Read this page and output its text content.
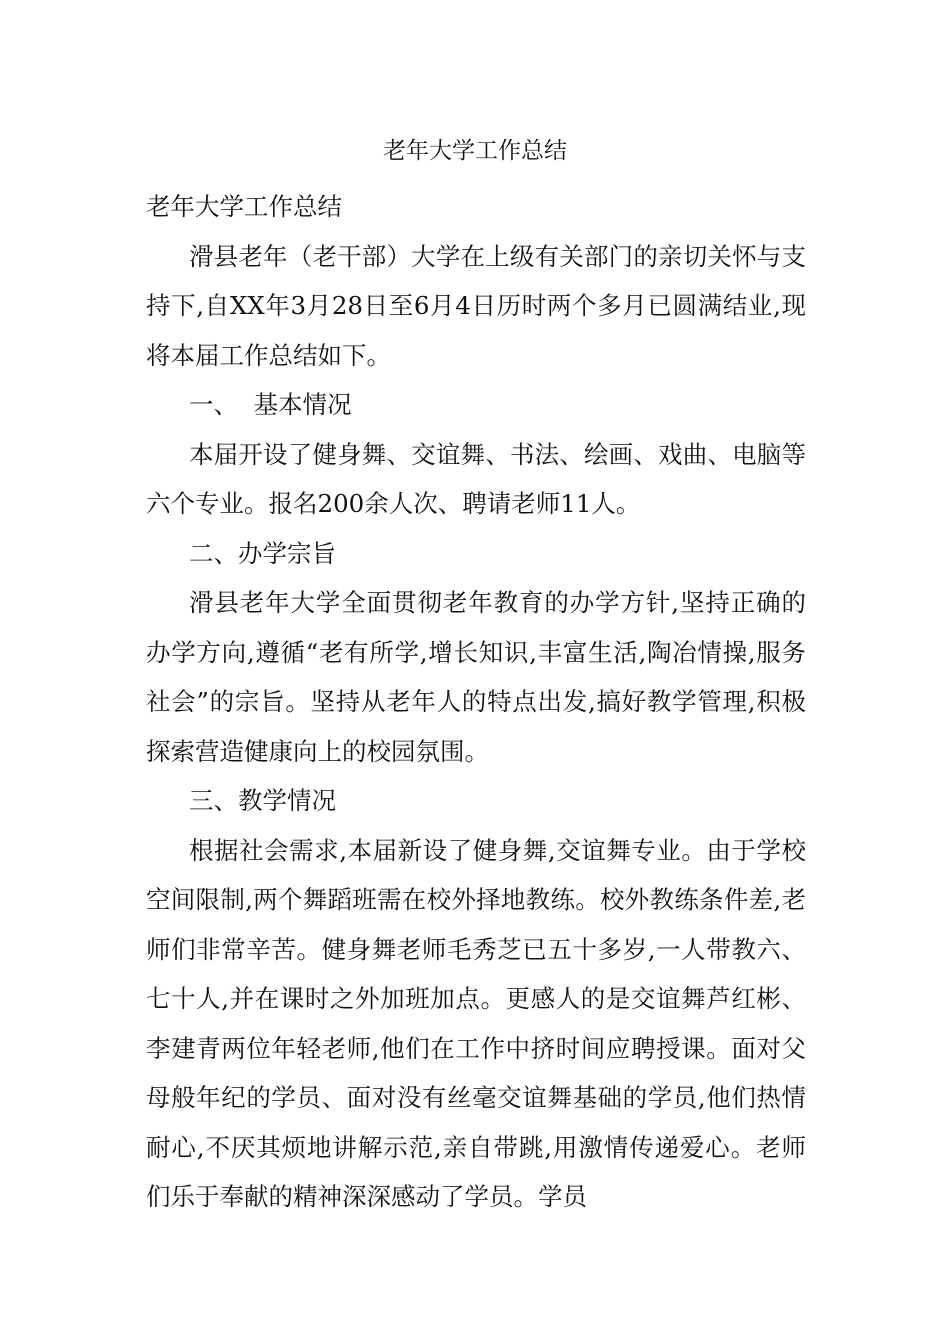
老年大学工作总结

老年大学工作总结

滑县老年（老干部）大学在上级有关部门的亲切关怀与支持下,自XX年3月28日至6月4日历时两个多月已圆满结业,现将本届工作总结如下。

一、  基本情况

本届开设了健身舞、交谊舞、书法、绘画、戏曲、电脑等六个专业。报名200余人次、聘请老师11人。

二、办学宗旨

滑县老年大学全面贯彻老年教育的办学方针,坚持正确的办学方向,遵循“老有所学,增长知识,丰富生活,陶冶情操,服务社会”的宗旨。坚持从老年人的特点出发,搞好教学管理,积极探索营造健康向上的校园氛围。

三、教学情况

根据社会需求,本届新设了健身舞,交谊舞专业。由于学校空间限制,两个舞蹈班需在校外择地教练。校外教练条件差,老师们非常辛苦。健身舞老师毛秀芝已五十多岁,一人带教六、七十人,并在课时之外加班加点。更感人的是交谊舞芦红彬、李建青两位年轻老师,他们在工作中挤时间应聘授课。面对父母般年纪的学员、面对没有丝毫交谊舞基础的学员,他们热情耐心,不厌其烦地讲解示范,亲自带跳,用激情传递爱心。老师们乐于奉献的精神深深感动了学员。学员
